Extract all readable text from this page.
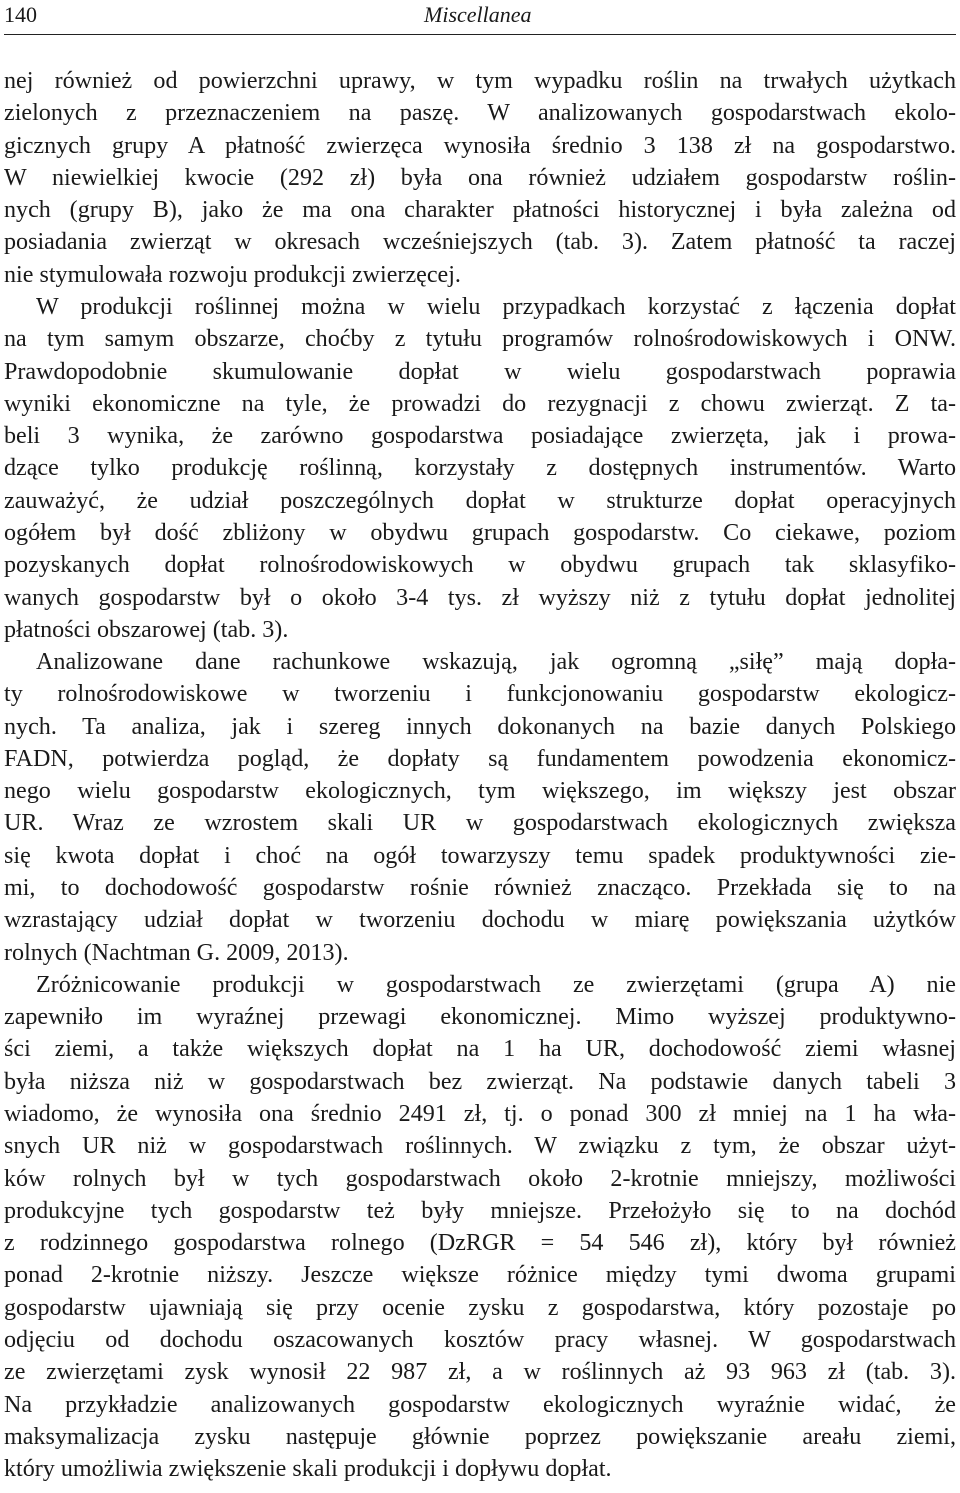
140	Miscellanea

nej również od powierzchni uprawy, w tym wypadku roślin na trwałych użytkach
zielonych z przeznaczeniem na paszę. W analizowanych gospodarstwach ekolo-
gicznych grupy A płatność zwierzęca wynosiła średnio 3 138 zł na gospodarstwo.
W niewielkiej kwocie (292 zł) była ona również udziałem gospodarstw roślin-
nych (grupy B), jako że ma ona charakter płatności historycznej i była zależna od
posiadania zwierząt w okresach wcześniejszych (tab. 3). Zatem płatność ta raczej
nie stymulowała rozwoju produkcji zwierzęcej.

W produkcji roślinnej można w wielu przypadkach korzystać z łączenia dopłat
na tym samym obszarze, choćby z tytułu programów rolnośrodowiskowych i ONW.
Prawdopodobnie skumulowanie dopłat w wielu gospodarstwach poprawia
wyniki ekonomiczne na tyle, że prowadzi do rezygnacji z chowu zwierząt. Z ta-
beli 3 wynika, że zarówno gospodarstwa posiadające zwierzęta, jak i prowa-
dzące tylko produkcję roślinną, korzystały z dostępnych instrumentów. Warto
zauważyć, że udział poszczególnych dopłat w strukturze dopłat operacyjnych
ogółem był dość zbliżony w obydwu grupach gospodarstw. Co ciekawe, poziom
pozyskanych dopłat rolnośrodowiskowych w obydwu grupach tak sklasyfiko-
wanych gospodarstw był o około 3-4 tys. zł wyższy niż z tytułu dopłat jednolitej
płatności obszarowej (tab. 3).

Analizowane dane rachunkowe wskazują, jak ogromną „siłę” mają dopła-
ty rolnośrodowiskowe w tworzeniu i funkcjonowaniu gospodarstw ekologicz-
nych. Ta analiza, jak i szereg innych dokonanych na bazie danych Polskiego
FADN, potwierdza pogląd, że dopłaty są fundamentem powodzenia ekonomicz-
nego wielu gospodarstw ekologicznych, tym większego, im większy jest obszar
UR. Wraz ze wzrostem skali UR w gospodarstwach ekologicznych zwiększa
się kwota dopłat i choć na ogół towarzyszy temu spadek produktywności zie-
mi, to dochodowość gospodarstw rośnie również znacząco. Przekłada się to na
wzrastający udział dopłat w tworzeniu dochodu w miarę powiększania użytków
rolnych (Nachtman G. 2009, 2013).

Zróżnicowanie produkcji w gospodarstwach ze zwierzętami (grupa A) nie
zapewniło im wyraźnej przewagi ekonomicznej. Mimo wyższej produktywno-
ści ziemi, a także większych dopłat na 1 ha UR, dochodowość ziemi własnej
była niższa niż w gospodarstwach bez zwierząt. Na podstawie danych tabeli 3
wiadomo, że wynosiła ona średnio 2491 zł, tj. o ponad 300 zł mniej na 1 ha wła-
snych UR niż w gospodarstwach roślinnych. W związku z tym, że obszar użyt-
ków rolnych był w tych gospodarstwach około 2-krotnie mniejszy, możliwości
produkcyjne tych gospodarstw też były mniejsze. Przełożyło się to na dochód
z rodzinnego gospodarstwa rolnego (DzRGR = 54 546 zł), który był również
ponad 2-krotnie niższy. Jeszcze większe różnice między tymi dwoma grupami
gospodarstw ujawniają się przy ocenie zysku z gospodarstwa, który pozostaje po
odjęciu od dochodu oszacowanych kosztów pracy własnej. W gospodarstwach
ze zwierzętami zysk wynosił 22 987 zł, a w roślinnych aż 93 963 zł (tab. 3).
Na przykładzie analizowanych gospodarstw ekologicznych wyraźnie widać, że
maksymalizacja zysku następuje głównie poprzez powiększanie areału ziemi,
który umożliwia zwiększenie skali produkcji i dopływu dopłat.
